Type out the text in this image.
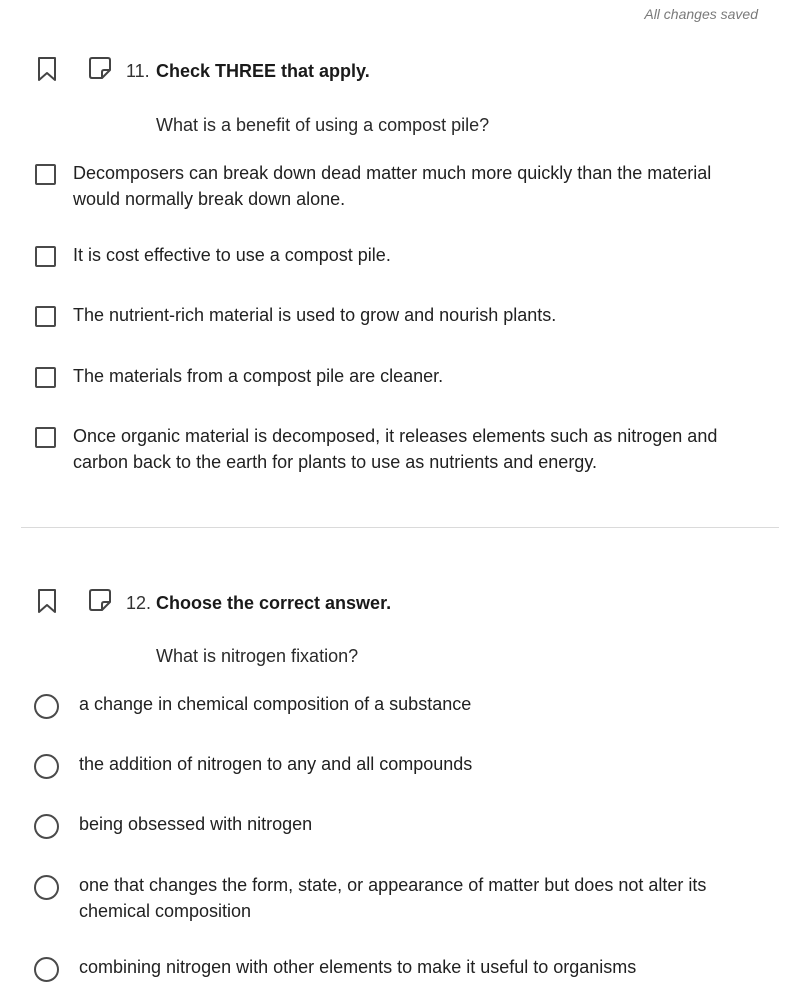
All changes saved
11. Check THREE that apply.
What is a benefit of using a compost pile?
Decomposers can break down dead matter much more quickly than the material would normally break down alone.
It is cost effective to use a compost pile.
The nutrient-rich material is used to grow and nourish plants.
The materials from a compost pile are cleaner.
Once organic material is decomposed, it releases elements such as nitrogen and carbon back to the earth for plants to use as nutrients and energy.
12. Choose the correct answer.
What is nitrogen fixation?
a change in chemical composition of a substance
the addition of nitrogen to any and all compounds
being obsessed with nitrogen
one that changes the form, state, or appearance of matter but does not alter its chemical composition
combining nitrogen with other elements to make it useful to organisms
